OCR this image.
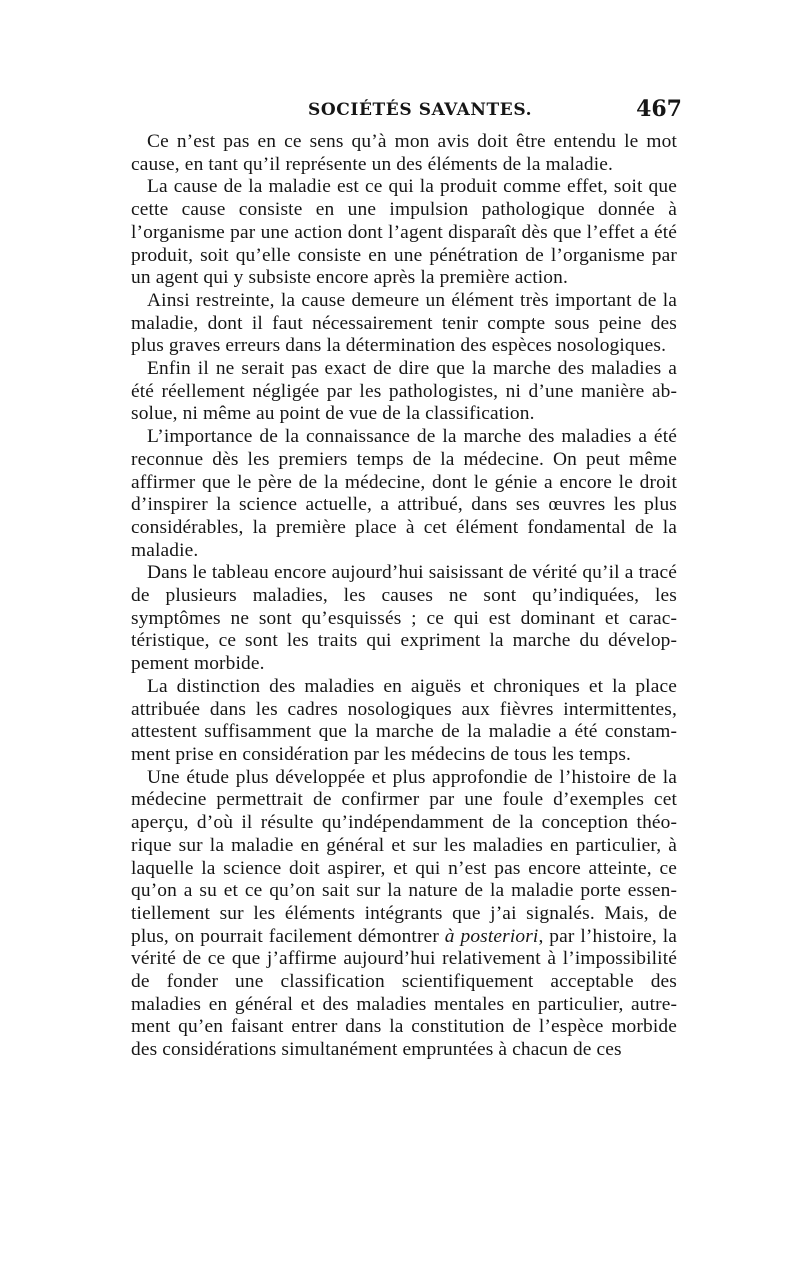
SOCIÉTÉS SAVANTES.	467

Ce n’est pas en ce sens qu’à mon avis doit être entendu le mot cause, en tant qu’il représente un des éléments de la maladie.

La cause de la maladie est ce qui la produit comme effet, soit que cette cause consiste en une impulsion pathologique donnée à l’organisme par une action dont l’agent disparaît dès que l’effet a été produit, soit qu’elle consiste en une pénétration de l’organisme par un agent qui y subsiste encore après la première action.

Ainsi restreinte, la cause demeure un élément très important de la maladie, dont il faut nécessairement tenir compte sous peine des plus graves erreurs dans la détermination des espèces nosologiques.

Enfin il ne serait pas exact de dire que la marche des maladies a été réellement négligée par les pathologistes, ni d’une manière absolue, ni même au point de vue de la classification.

L’importance de la connaissance de la marche des maladies a été reconnue dès les premiers temps de la médecine. On peut même affirmer que le père de la médecine, dont le génie a encore le droit d’inspirer la science actuelle, a attribué, dans ses œuvres les plus considérables, la première place à cet élément fondamental de la maladie.

Dans le tableau encore aujourd’hui saisissant de vérité qu’il a tracé de plusieurs maladies, les causes ne sont qu’indiquées, les symptômes ne sont qu’esquissés ; ce qui est dominant et caractéristique, ce sont les traits qui expriment la marche du développement morbide.

La distinction des maladies en aiguës et chroniques et la place attribuée dans les cadres nosologiques aux fièvres intermittentes, attestent suffisamment que la marche de la maladie a été constamment prise en considération par les médecins de tous les temps.

Une étude plus développée et plus approfondie de l’histoire de la médecine permettrait de confirmer par une foule d’exemples cet aperçu, d’où il résulte qu’indépendamment de la conception théorique sur la maladie en général et sur les maladies en particulier, à laquelle la science doit aspirer, et qui n’est pas encore atteinte, ce qu’on a su et ce qu’on sait sur la nature de la maladie porte essentiellement sur les éléments intégrants que j’ai signalés. Mais, de plus, on pourrait facilement démontrer à posteriori, par l’histoire, la vérité de ce que j’affirme aujourd’hui relativement à l’impossibilité de fonder une classification scientifiquement acceptable des maladies en général et des maladies mentales en particulier, autrement qu’en faisant entrer dans la constitution de l’espèce morbide des considérations simultanément empruntées à chacun de ces
